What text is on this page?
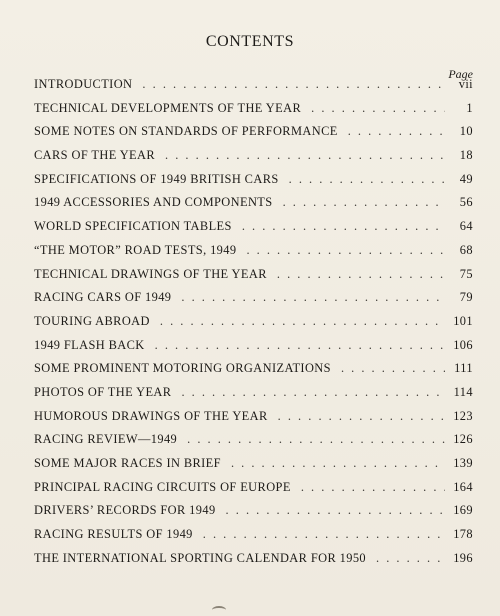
CONTENTS
Page
INTRODUCTION . . .	vii
TECHNICAL DEVELOPMENTS OF THE YEAR . . .	1
SOME NOTES ON STANDARDS OF PERFORMANCE . . .	10
CARS OF THE YEAR . . .	18
SPECIFICATIONS OF 1949 BRITISH CARS . . .	49
1949 ACCESSORIES AND COMPONENTS . . .	56
WORLD SPECIFICATION TABLES . . .	64
“THE MOTOR” ROAD TESTS, 1949 . . .	68
TECHNICAL DRAWINGS OF THE YEAR . . .	75
RACING CARS OF 1949 . . .	79
TOURING ABROAD . . .	101
1949 FLASH BACK . . .	106
SOME PROMINENT MOTORING ORGANIZATIONS . . .	111
PHOTOS OF THE YEAR . . .	114
HUMOROUS DRAWINGS OF THE YEAR . . .	123
RACING REVIEW—1949 . . .	126
SOME MAJOR RACES IN BRIEF . . .	139
PRINCIPAL RACING CIRCUITS OF EUROPE . . .	164
DRIVERS’ RECORDS FOR 1949 . . .	169
RACING RESULTS OF 1949 . . .	178
THE INTERNATIONAL SPORTING CALENDAR FOR 1950 . . .	196
